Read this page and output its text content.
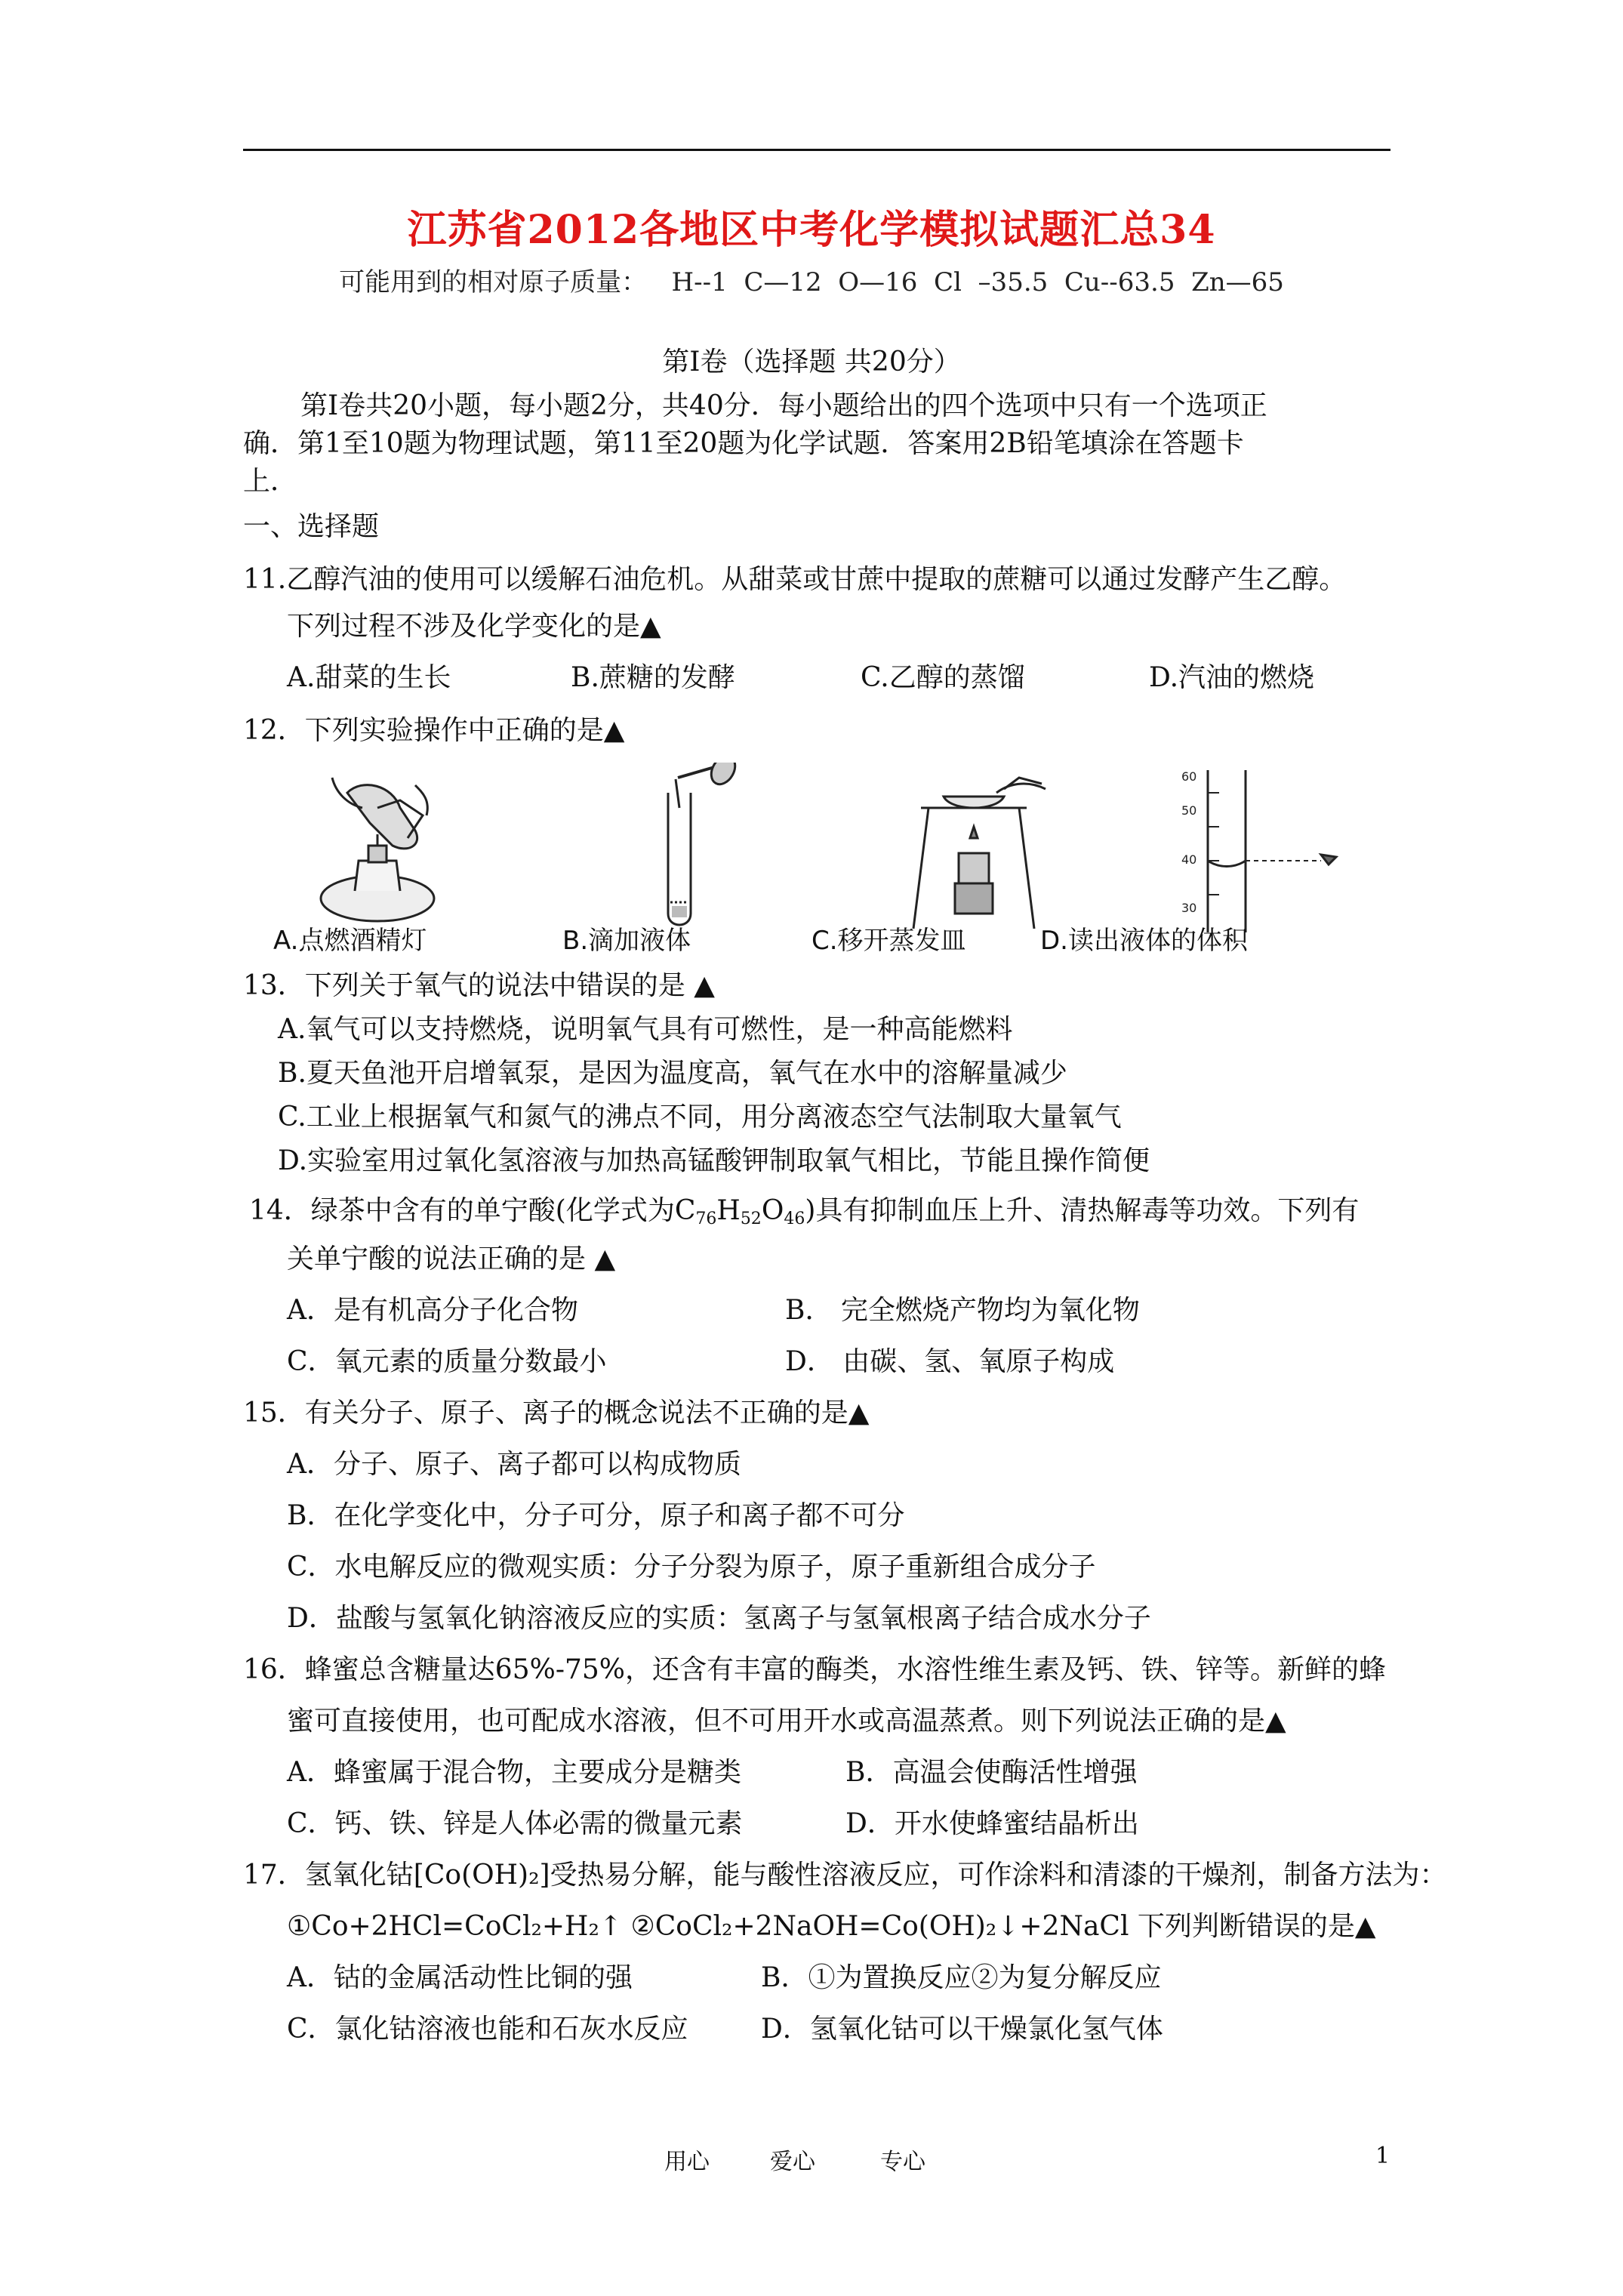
江苏省2012各地区中考化学模拟试题汇总34
可能用到的相对原子质量：   H--1  C—12  O—16  Cl  –35.5  Cu--63.5  Zn—65
第Ⅰ卷（选择题 共20分）
第Ⅰ卷共20小题，每小题2分，共40分．每小题给出的四个选项中只有一个选项正
确．第1至10题为物理试题，第11至20题为化学试题．答案用2B铅笔填涂在答题卡
上．
一、选择题
11.乙醇汽油的使用可以缓解石油危机。从甜菜或甘蔗中提取的蔗糖可以通过发酵产生乙醇。
下列过程不涉及化学变化的是▲
A.甜菜的生长	B.蔗糖的发酵	C.乙醇的蒸馏	D.汽油的燃烧
12．下列实验操作中正确的是▲
60
50
40
30
A.点燃酒精灯	B.滴加液体	C.移开蒸发皿	D.读出液体的体积
13．下列关于氧气的说法中错误的是 ▲
A.氧气可以支持燃烧，说明氧气具有可燃性，是一种高能燃料
B.夏天鱼池开启增氧泵，是因为温度高，氧气在水中的溶解量减少
C.工业上根据氧气和氮气的沸点不同，用分离液态空气法制取大量氧气
D.实验室用过氧化氢溶液与加热高锰酸钾制取氧气相比，节能且操作简便
14．绿茶中含有的单宁酸(化学式为$C_{76}H_{52}O_{46}$)具有抑制血压上升、清热解毒等功效。下列有
关单宁酸的说法正确的是 ▲
A．是有机高分子化合物	B． 完全燃烧产物均为氧化物
C．氧元素的质量分数最小	D． 由碳、氢、氧原子构成
15．有关分子、原子、离子的概念说法不正确的是▲
A．分子、原子、离子都可以构成物质
B．在化学变化中，分子可分，原子和离子都不可分
C．水电解反应的微观实质：分子分裂为原子，原子重新组合成分子
D．盐酸与氢氧化钠溶液反应的实质：氢离子与氢氧根离子结合成水分子
16．蜂蜜总含糖量达65%-75%，还含有丰富的酶类，水溶性维生素及钙、铁、锌等。新鲜的蜂
蜜可直接使用，也可配成水溶液，但不可用开水或高温蒸煮。则下列说法正确的是▲
A．蜂蜜属于混合物，主要成分是糖类	B．高温会使酶活性增强
C．钙、铁、锌是人体必需的微量元素	D．开水使蜂蜜结晶析出
17．氢氧化钴[Co(OH)₂]受热易分解，能与酸性溶液反应，可作涂料和清漆的干燥剂，制备方法为：
①Co+2HCl=CoCl₂+H₂↑ ②CoCl₂+2NaOH=Co(OH)₂↓+2NaCl 下列判断错误的是▲
A．钴的金属活动性比铜的强	B．①为置换反应②为复分解反应
C．氯化钴溶液也能和石灰水反应	D．氢氧化钴可以干燥氯化氢气体
用心	爱心	专心	1
